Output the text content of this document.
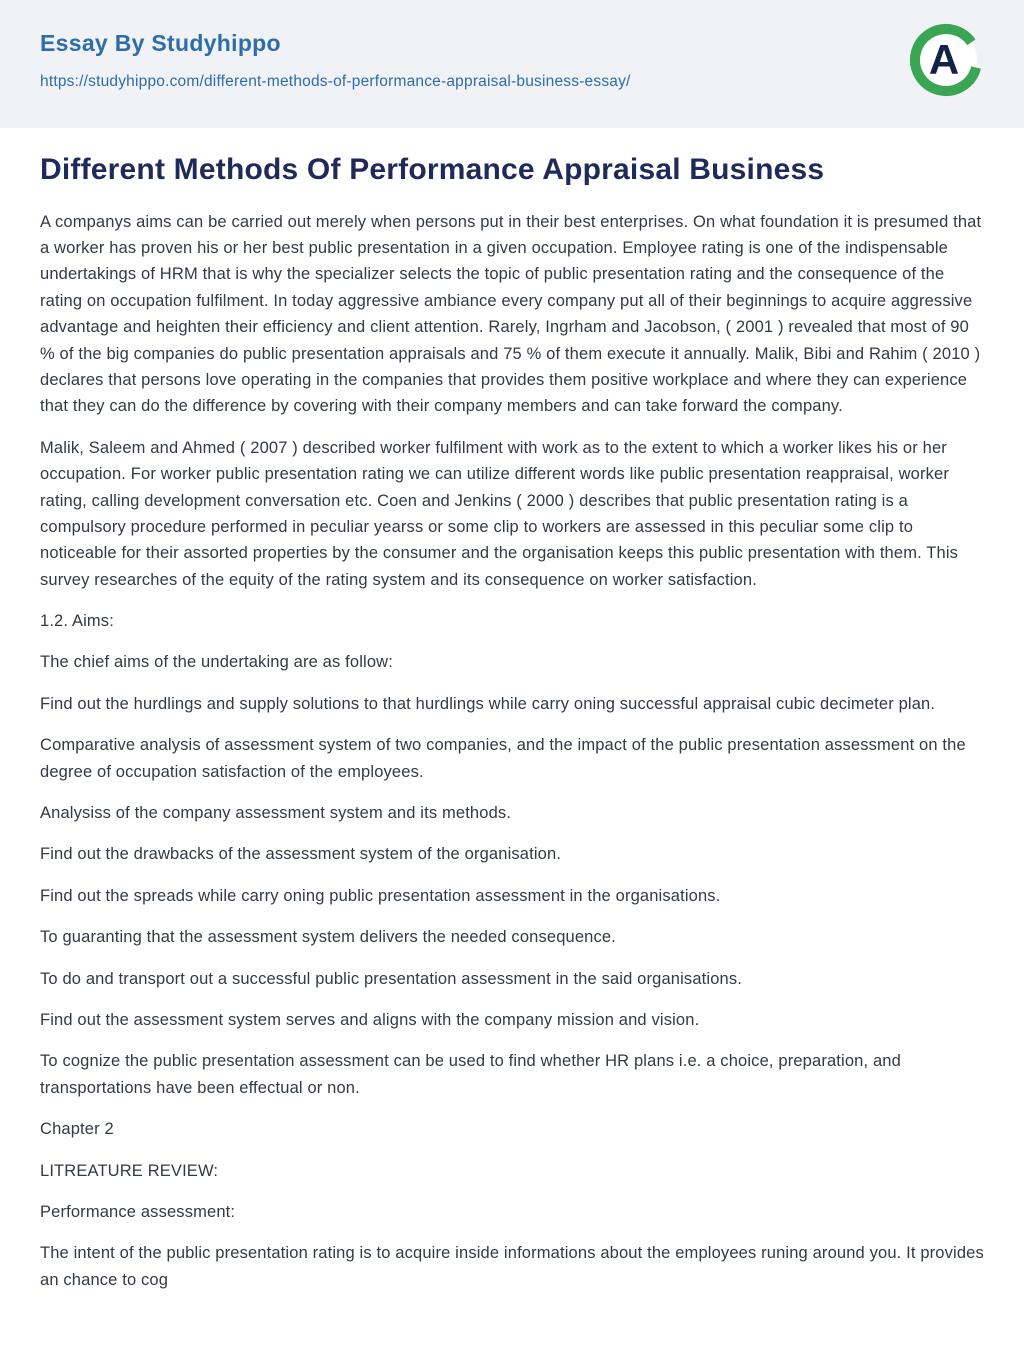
Essay By Studyhippo
https://studyhippo.com/different-methods-of-performance-appraisal-business-essay/	A
Different Methods Of Performance Appraisal Business

A companys aims can be carried out merely when persons put in their best enterprises. On what foundation it is presumed that a worker has proven his or her best public presentation in a given occupation. Employee rating is one of the indispensable undertakings of HRM that is why the specializer selects the topic of public presentation rating and the consequence of the rating on occupation fulfilment. In today aggressive ambiance every company put all of their beginnings to acquire aggressive advantage and heighten their efficiency and client attention. Rarely, Ingrham and Jacobson, ( 2001 ) revealed that most of 90 % of the big companies do public presentation appraisals and 75 % of them execute it annually. Malik, Bibi and Rahim ( 2010 ) declares that persons love operating in the companies that provides them positive workplace and where they can experience that they can do the difference by covering with their company members and can take forward the company.

Malik, Saleem and Ahmed ( 2007 ) described worker fulfilment with work as to the extent to which a worker likes his or her occupation. For worker public presentation rating we can utilize different words like public presentation reappraisal, worker rating, calling development conversation etc. Coen and Jenkins ( 2000 ) describes that public presentation rating is a compulsory procedure performed in peculiar yearss or some clip to workers are assessed in this peculiar some clip to noticeable for their assorted properties by the consumer and the organisation keeps this public presentation with them. This survey researches of the equity of the rating system and its consequence on worker satisfaction.

1.2. Aims:

The chief aims of the undertaking are as follow:

Find out the hurdlings and supply solutions to that hurdlings while carry oning successful appraisal cubic decimeter plan.

Comparative analysis of assessment system of two companies, and the impact of the public presentation assessment on the degree of occupation satisfaction of the employees.

Analysiss of the company assessment system and its methods.

Find out the drawbacks of the assessment system of the organisation.

Find out the spreads while carry oning public presentation assessment in the organisations.

To guaranting that the assessment system delivers the needed consequence.

To do and transport out a successful public presentation assessment in the said organisations.

Find out the assessment system serves and aligns with the company mission and vision.

To cognize the public presentation assessment can be used to find whether HR plans i.e. a choice, preparation, and transportations have been effectual or non.

Chapter 2

LITREATURE REVIEW:

Performance assessment:

The intent of the public presentation rating is to acquire inside informations about the employees runing around you. It provides an chance to cog
